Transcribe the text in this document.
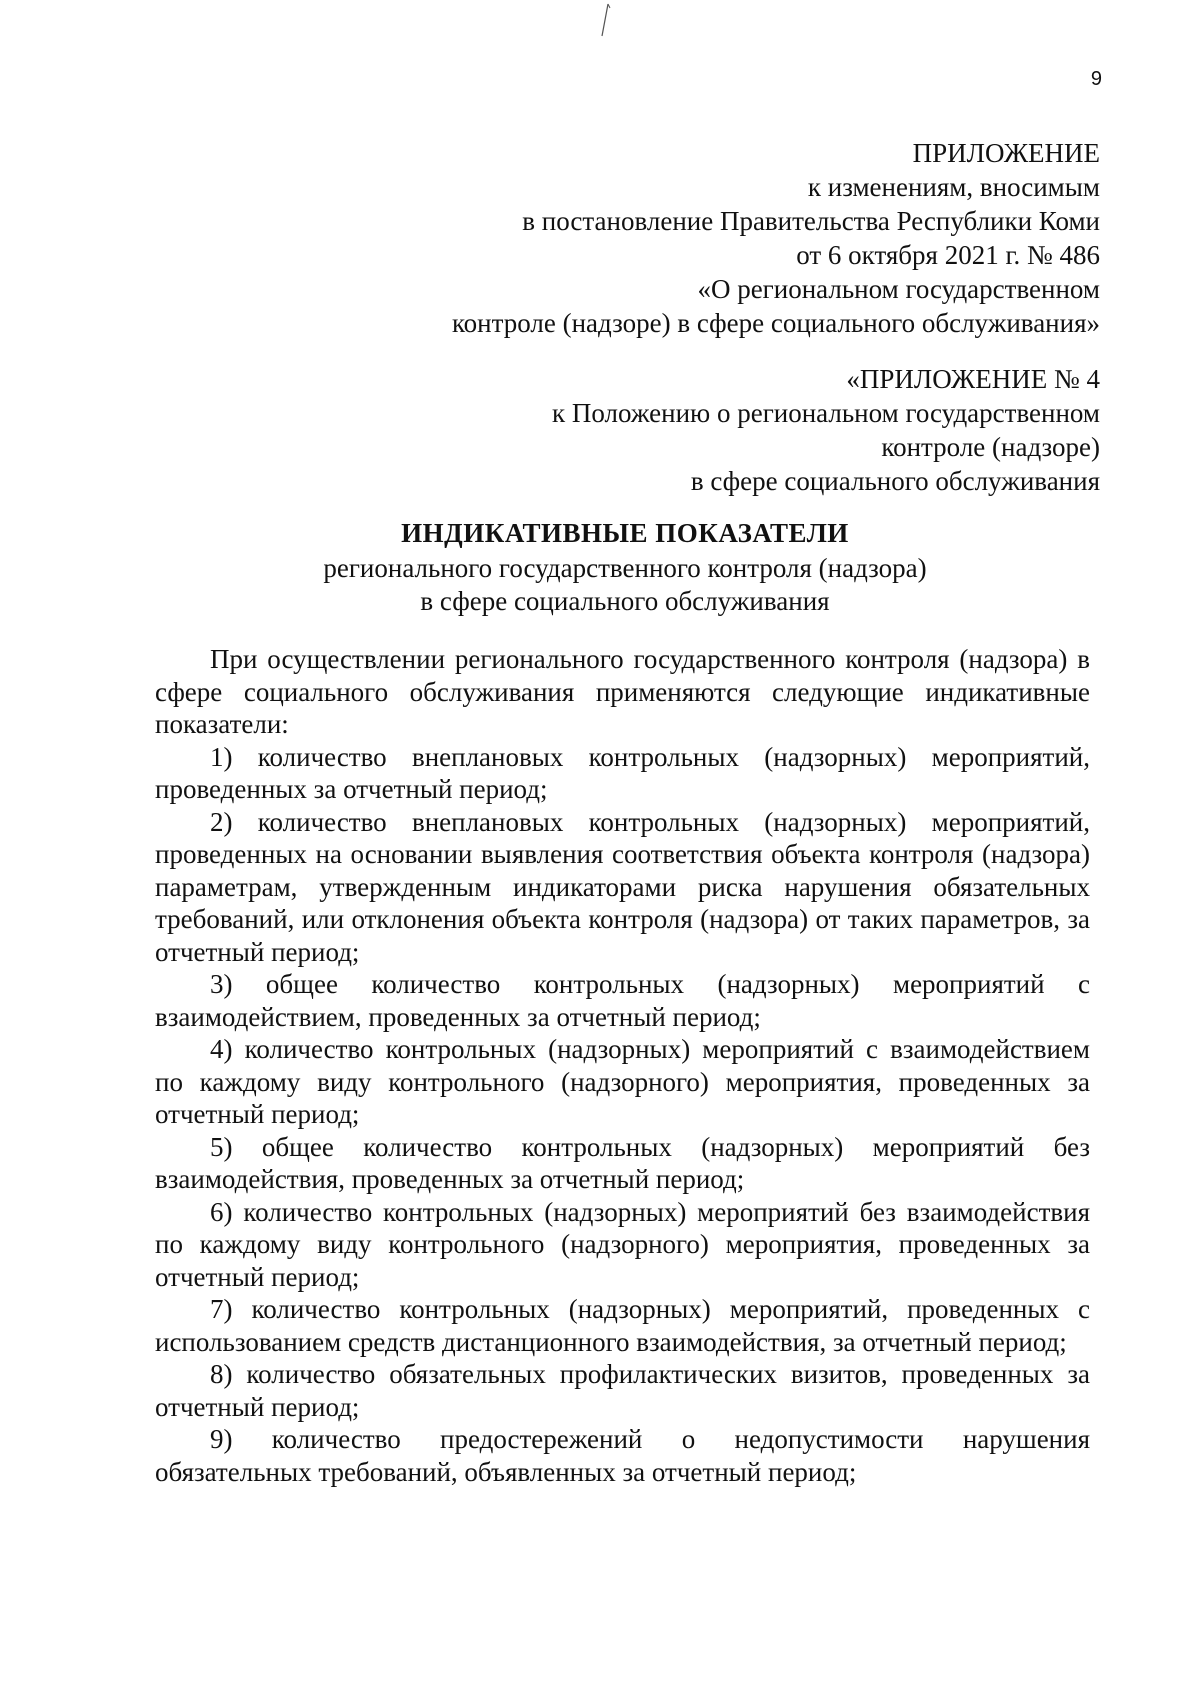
9
ПРИЛОЖЕНИЕ
к изменениям, вносимым
в постановление Правительства Республики Коми
от 6 октября 2021 г. № 486
«О региональном государственном
контроле (надзоре) в сфере социального обслуживания»
«ПРИЛОЖЕНИЕ № 4
к Положению о региональном государственном
контроле (надзоре)
в сфере социального обслуживания
ИНДИКАТИВНЫЕ ПОКАЗАТЕЛИ
регионального государственного контроля (надзора)
в сфере социального обслуживания

При осуществлении регионального государственного контроля (надзора) в сфере социального обслуживания применяются следующие индикативные показатели:

1) количество внеплановых контрольных (надзорных) мероприятий, проведенных за отчетный период;

2) количество внеплановых контрольных (надзорных) мероприятий, проведенных на основании выявления соответствия объекта контроля (надзора) параметрам, утвержденным индикаторами риска нарушения обязательных требований, или отклонения объекта контроля (надзора) от таких параметров, за отчетный период;

3) общее количество контрольных (надзорных) мероприятий с взаимодействием, проведенных за отчетный период;

4) количество контрольных (надзорных) мероприятий с взаимодействием по каждому виду контрольного (надзорного) мероприятия, проведенных за отчетный период;

5) общее количество контрольных (надзорных) мероприятий без взаимодействия, проведенных за отчетный период;

6) количество контрольных (надзорных) мероприятий без взаимодействия по каждому виду контрольного (надзорного) мероприятия, проведенных за отчетный период;

7) количество контрольных (надзорных) мероприятий, проведенных с использованием средств дистанционного взаимодействия, за отчетный период;

8) количество обязательных профилактических визитов, проведенных за отчетный период;

9) количество предостережений о недопустимости нарушения обязательных требований, объявленных за отчетный период;
